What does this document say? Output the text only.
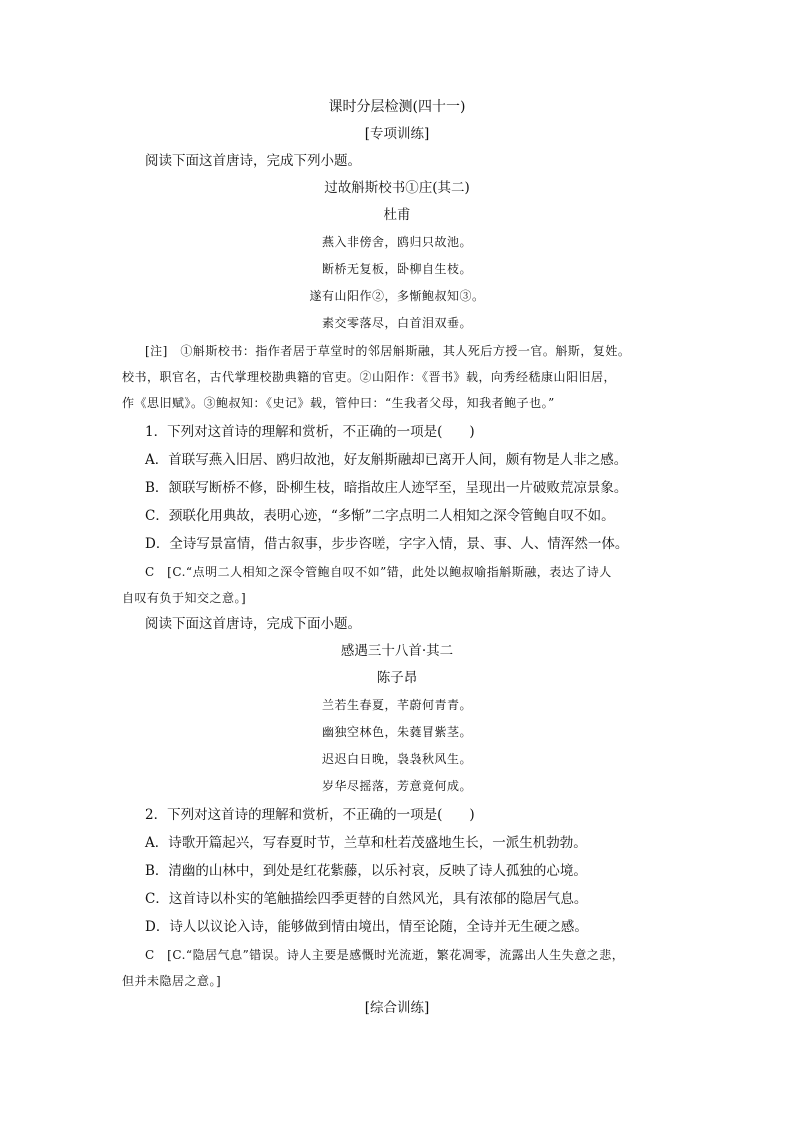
课时分层检测(四十一)
[专项训练]
阅读下面这首唐诗，完成下列小题。
过故斛斯校书①庄(其二)
杜甫
燕入非傍舍，鸥归只故池。
断桥无复板，卧柳自生枝。
遂有山阳作②，多惭鲍叔知③。
素交零落尽，白首泪双垂。
[注]　①斛斯校书：指作者居于草堂时的邻居斛斯融，其人死后方授一官。斛斯，复姓。
校书，职官名，古代掌理校勘典籍的官吏。②山阳作：《晋书》载，向秀经嵇康山阳旧居，
作《思旧赋》。③鲍叔知：《史记》载，管仲曰：“生我者父母，知我者鲍子也。”
1．下列对这首诗的理解和赏析，不正确的一项是(　　)
A．首联写燕入旧居、鸥归故池，好友斛斯融却已离开人间，颇有物是人非之感。
B．颔联写断桥不修，卧柳生枝，暗指故庄人迹罕至，呈现出一片破败荒凉景象。
C．颈联化用典故，表明心迹，“多惭”二字点明二人相知之深令管鲍自叹不如。
D．全诗写景富情，借古叙事，步步咨嗟，字字入情，景、事、人、情浑然一体。
C　[C.“点明二人相知之深令管鲍自叹不如”错，此处以鲍叔喻指斛斯融，表达了诗人
自叹有负于知交之意。]
阅读下面这首唐诗，完成下面小题。
感遇三十八首·其二
陈子昂
兰若生春夏，芊蔚何青青。
幽独空林色，朱蕤冒紫茎。
迟迟白日晚，袅袅秋风生。
岁华尽摇落，芳意竟何成。
2．下列对这首诗的理解和赏析，不正确的一项是(　　)
A．诗歌开篇起兴，写春夏时节，兰草和杜若茂盛地生长，一派生机勃勃。
B．清幽的山林中，到处是红花紫藤，以乐衬哀，反映了诗人孤独的心境。
C．这首诗以朴实的笔触描绘四季更替的自然风光，具有浓郁的隐居气息。
D．诗人以议论入诗，能够做到情由境出，情至论随，全诗并无生硬之感。
C　[C.“隐居气息”错误。诗人主要是感慨时光流逝，繁花凋零，流露出人生失意之悲，
但并未隐居之意。]
[综合训练]
